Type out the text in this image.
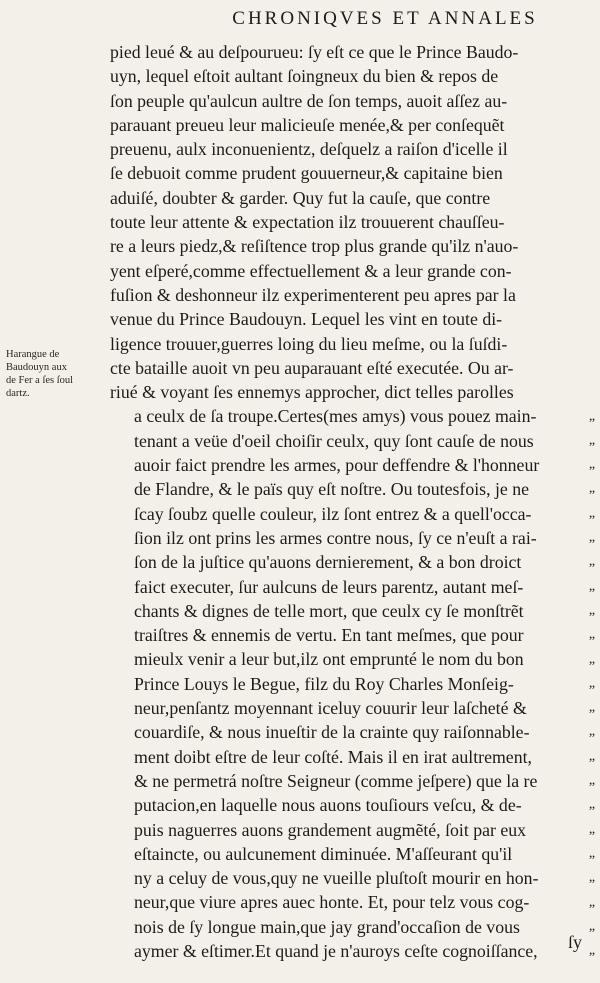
CHRONIQVES ET ANNALES
Harangue de
Baudouyn aux
de Fer a ſes ſoul
dartz.
pied leué & au deſpourueu: ſy eſt ce que le Prince Baudo-
uyn, lequel eſtoit aultant ſoingneux du bien & repos de
ſon peuple qu'aulcun aultre de ſon temps, auoit aſſez au-
parauant preueu leur malicieuſe menée,& per conſequẽt
preuenu, aulx inconuenientz, deſquelz a raiſon d'icelle il
ſe debuoit comme prudent gouuerneur,& capitaine bien
aduiſé, doubter & garder. Quy fut la cauſe, que contre
toute leur attente & expectation ilz trouuerent chauſſeu-
re a leurs piedz,& reſiſtence trop plus grande qu'ilz n'auo-
yent eſperé,comme effectuellement & a leur grande con-
fuſion & deshonneur ilz experimenterent peu apres par la
venue du Prince Baudouyn. Lequel les vint en toute di-
ligence trouuer,guerres loing du lieu meſme, ou la ſuſdi-
cte bataille auoit vn peu auparauant eſté executée. Ou ar-
riué & voyant ſes ennemys approcher, dict telles parolles
a ceulx de ſa troupe.Certes(mes amys) vous pouez main-
tenant a veüe d'oeil choiſir ceulx, quy ſont cauſe de nous
auoir faict prendre les armes, pour deffendre & l'honneur
de Flandre, & le païs quy eſt noſtre. Ou toutesfois, je ne
ſcay ſoubz quelle couleur, ilz ſont entrez & a quell'occa-
ſion ilz ont prins les armes contre nous, ſy ce n'euſt a rai-
ſon de la juſtice qu'auons dernierement, & a bon droict
faict executer, ſur aulcuns de leurs parentz, autant meſ-
chants & dignes de telle mort, que ceulx cy ſe monſtrẽt
traiſtres & ennemis de vertu. En tant meſmes, que pour
mieulx venir a leur but,ilz ont emprunté le nom du bon
Prince Louys le Begue, filz du Roy Charles Monſeig-
neur,penſantz moyennant iceluy couurir leur laſcheté &
couardiſe, & nous inueſtir de la crainte quy raiſonnable-
ment doibt eſtre de leur coſté. Mais il en irat aultrement,
& ne permetrá noſtre Seigneur (comme jeſpere) que la re
putacion,en laquelle nous auons touſiours veſcu, & de-
puis naguerres auons grandement augmẽté, ſoit par eux
eſtaincte, ou aulcunement diminuée. M'aſſeurant qu'il
ny a celuy de vous,quy ne vueille pluſtoſt mourir en hon-
neur,que viure apres auec honte. Et, pour telz vous cog-
nois de ſy longue main,que jay grand'occaſion de vous
aymer & eſtimer.Et quand je n'auroys ceſte cognoiſſance,	ſy
„
„
„
„
„
„
„
„
„
„
„
„
„
„
„
„
„
„
„
„
„
„
„
